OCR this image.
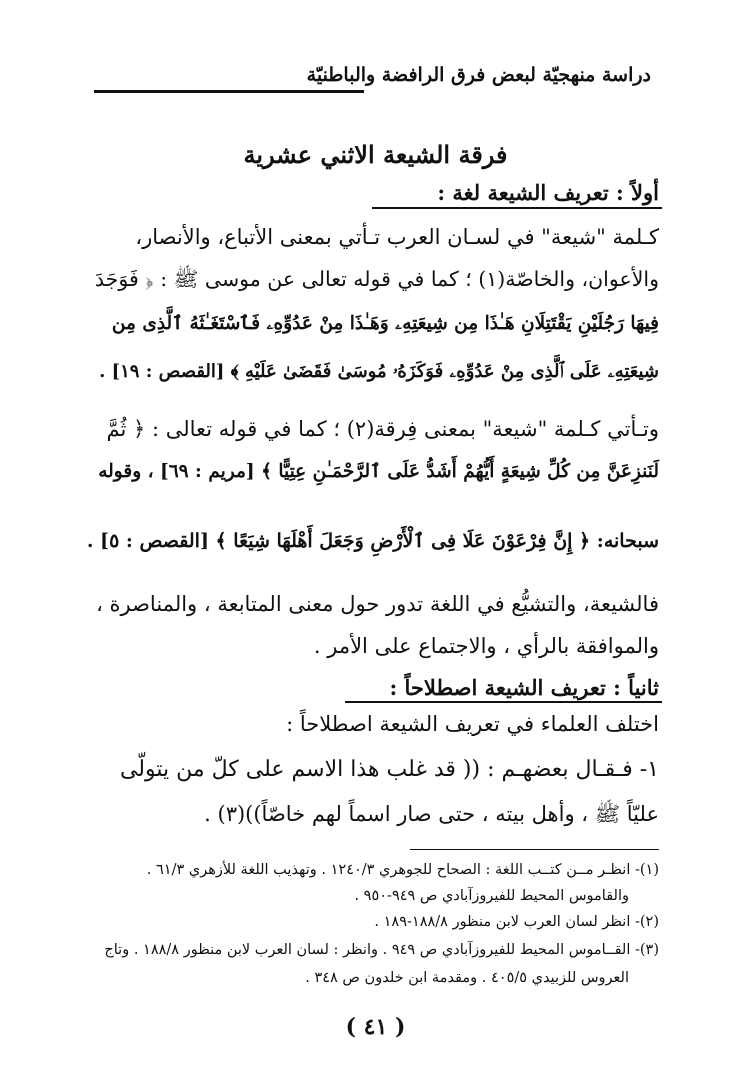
دراسة منهجيّة لبعض فرق الرافضة والباطنيّة
فرقة الشيعة الاثني عشرية
أولاً : تعريف الشيعة لغة :
كـلمة "شيعة" في لسـان العرب تـأتي بمعنى الأتباع، والأنصار،
والأعوان، والخاصّة(١) ؛ كما في قوله تعالى عن موسى ﷺ : ﴿ فَوَجَدَ
فِيهَا رَجُلَيْنِ يَقْتَتِلَانِ هَـٰذَا مِن شِيعَتِهِۦ وَهَـٰذَا مِنْ عَدُوِّهِۦ فَٱسْتَغَـٰثَهُ ٱلَّذِى مِن
شِيعَتِهِۦ عَلَى ٱلَّذِى مِنْ عَدُوِّهِۦ فَوَكَزَهُۥ مُوسَىٰ فَقَضَىٰ عَلَيْهِ ﴾ [القصص : ١٩] .
وتـأتي كـلمة "شيعة" بمعنى فِرقة(٢) ؛ كما في قوله تعالى : ﴿ ثُمَّ
لَنَنزِعَنَّ مِن كُلِّ شِيعَةٍ أَيُّهُمْ أَشَدُّ عَلَى ٱلرَّحْمَـٰنِ عِتِيًّا ﴾ [مريم : ٦٩] ، وقوله
سبحانه: ﴿ إِنَّ فِرْعَوْنَ عَلَا فِى ٱلْأَرْضِ وَجَعَلَ أَهْلَهَا شِيَعًا ﴾ [القصص : ٥] .
فالشيعة، والتشيُّع في اللغة تدور حول معنى المتابعة ، والمناصرة ،
والموافقة بالرأي ، والاجتماع على الأمر .
ثانياً : تعريف الشيعة اصطلاحاً :
اختلف العلماء في تعريف الشيعة اصطلاحاً :
١- فـقـال بعضهـم : (( قد غلب هذا الاسم على كلّ من يتولّى
عليّاً ﷺ ، وأهل بيته ، حتى صار اسماً لهم خاصّاً))(٣) .
(١)- انظـر مــن كتــب اللغة : الصحاح للجوهري ١٢٤٠/٣ . وتهذيب اللغة للأزهري ٦١/٣ .
والقاموس المحيط للفيروزآبادي ص ٩٤٩-٩٥٠ .
(٢)- انظر لسان العرب لابن منظور ١٨٨/٨-١٨٩ .
(٣)- القــاموس المحيط للفيروزآبادي ص ٩٤٩ . وانظر : لسان العرب لابن منظور ١٨٨/٨ . وتاج
العروس للزبيدي ٤٠٥/٥ . ومقدمة ابن خلدون ص ٣٤٨ .
( ٤١ )
